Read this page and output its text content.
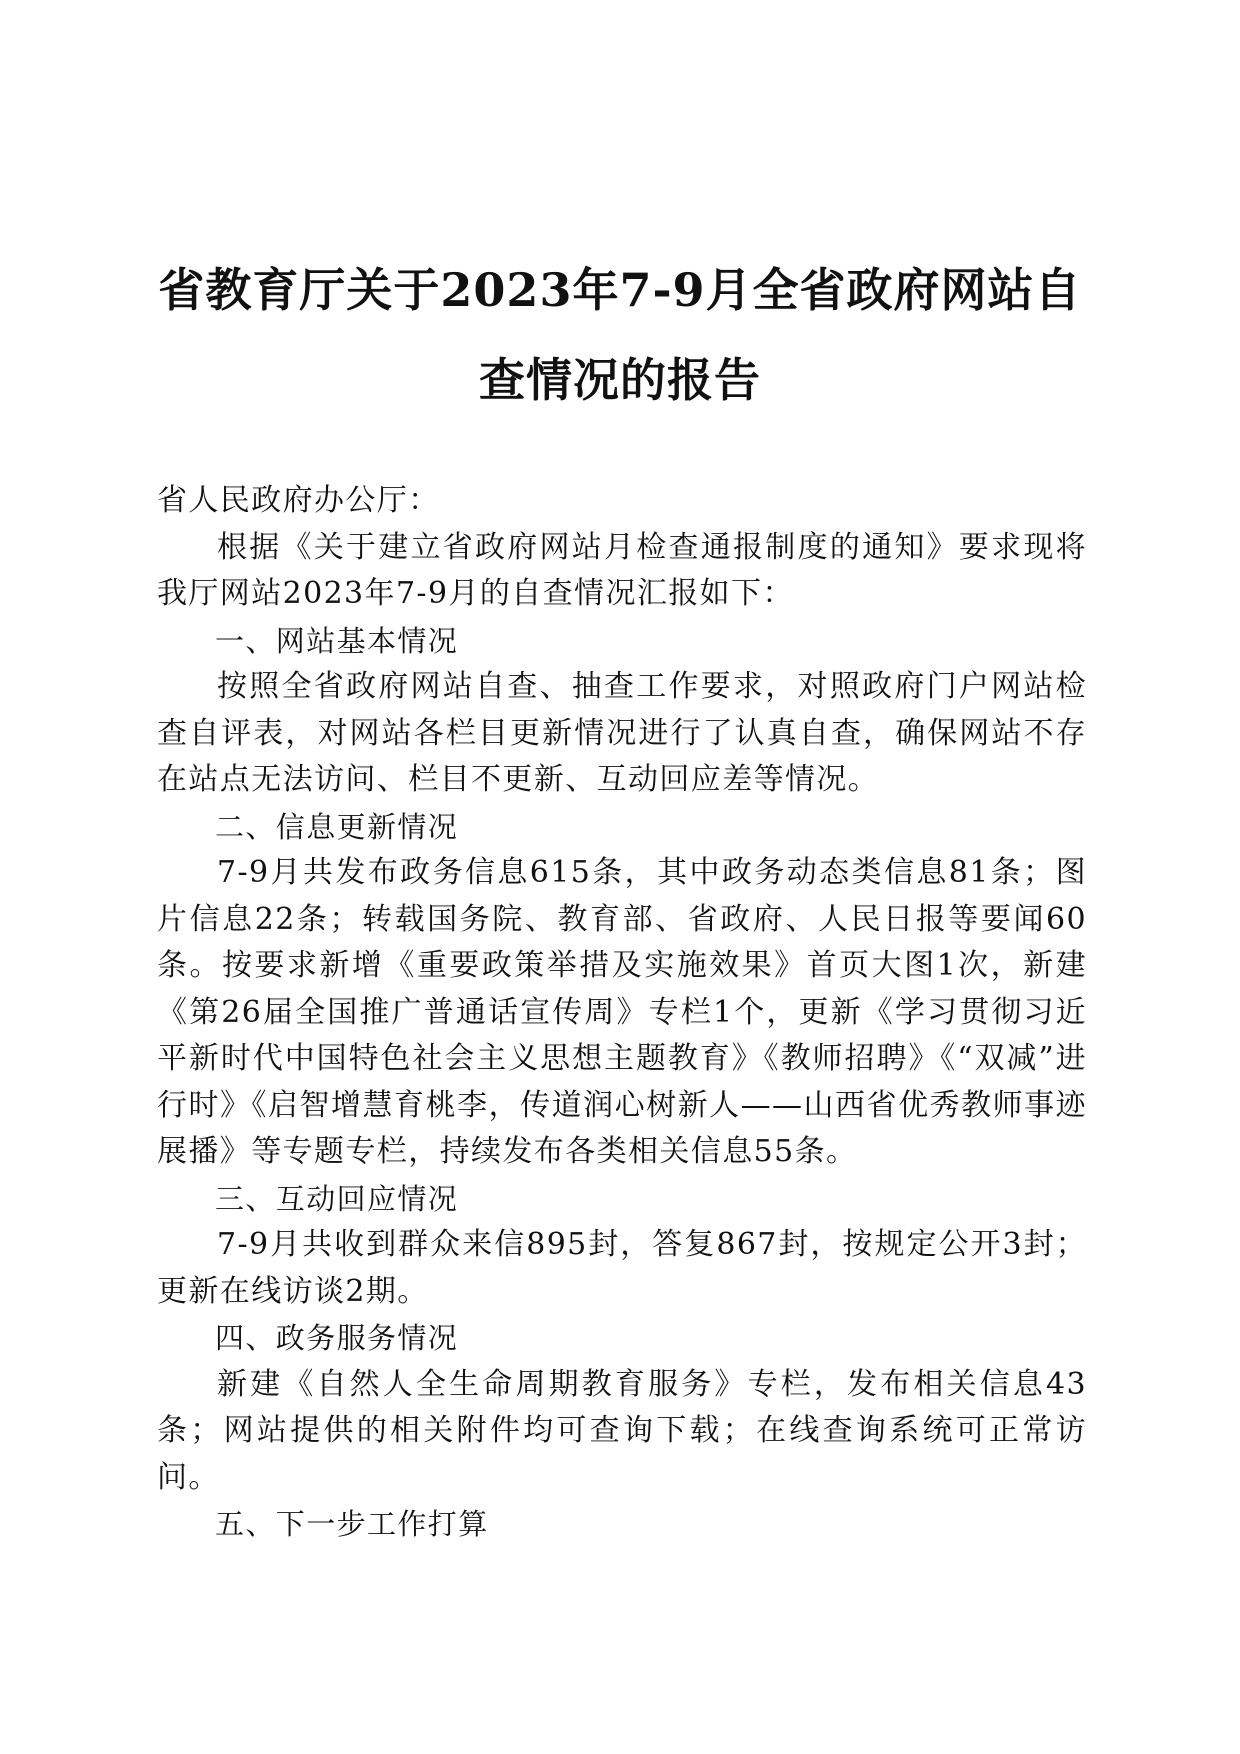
省教育厅关于2023年7-9月全省政府网站自
查情况的报告

省人民政府办公厅：

根据《关于建立省政府网站月检查通报制度的通知》要求现将我厅网站2023年7-9月的自查情况汇报如下：

一、网站基本情况

按照全省政府网站自查、抽查工作要求，对照政府门户网站检查自评表，对网站各栏目更新情况进行了认真自查，确保网站不存在站点无法访问、栏目不更新、互动回应差等情况。

二、信息更新情况

7-9月共发布政务信息615条，其中政务动态类信息81条；图片信息22条；转载国务院、教育部、省政府、人民日报等要闻60条。按要求新增《重要政策举措及实施效果》首页大图1次，新建《第26届全国推广普通话宣传周》专栏1个，更新《学习贯彻习近平新时代中国特色社会主义思想主题教育》《教师招聘》《“双减”进行时》《启智增慧育桃李，传道润心树新人——山西省优秀教师事迹展播》等专题专栏，持续发布各类相关信息55条。

三、互动回应情况

7-9月共收到群众来信895封，答复867封，按规定公开3封；更新在线访谈2期。

四、政务服务情况

新建《自然人全生命周期教育服务》专栏，发布相关信息43条；网站提供的相关附件均可查询下载；在线查询系统可正常访问。

五、下一步工作打算
